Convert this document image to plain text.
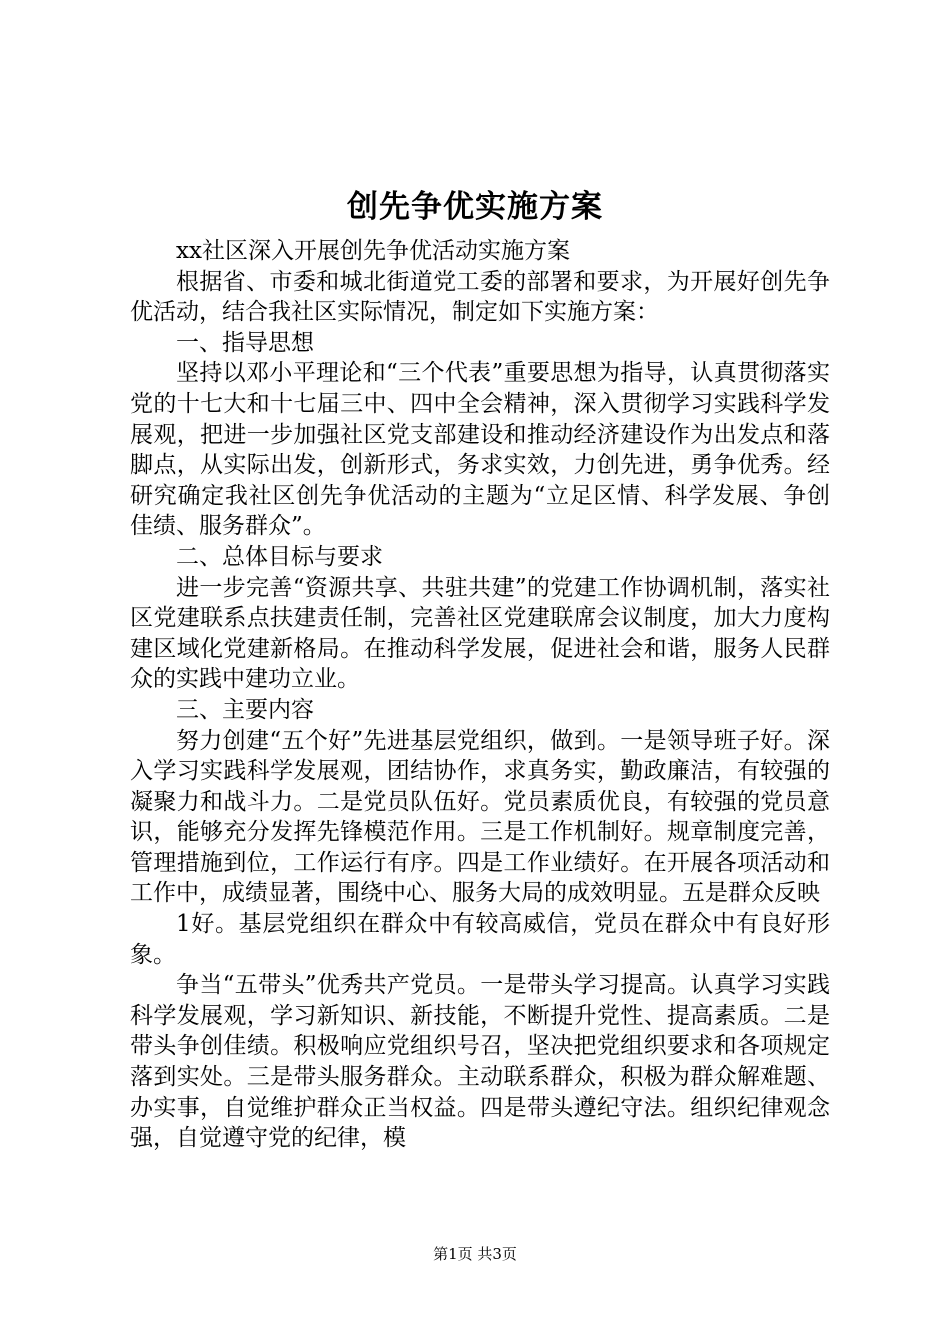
创先争优实施方案

xx社区深入开展创先争优活动实施方案

根据省、市委和城北街道党工委的部署和要求，为开展好创先争优活动，结合我社区实际情况，制定如下实施方案：

一、指导思想

坚持以邓小平理论和“三个代表”重要思想为指导，认真贯彻落实党的十七大和十七届三中、四中全会精神，深入贯彻学习实践科学发展观，把进一步加强社区党支部建设和推动经济建设作为出发点和落脚点，从实际出发，创新形式，务求实效，力创先进，勇争优秀。经研究确定我社区创先争优活动的主题为“立足区情、科学发展、争创佳绩、服务群众”。

二、总体目标与要求

进一步完善“资源共享、共驻共建”的党建工作协调机制，落实社区党建联系点扶建责任制，完善社区党建联席会议制度，加大力度构建区域化党建新格局。在推动科学发展，促进社会和谐，服务人民群众的实践中建功立业。

三、主要内容

努力创建“五个好”先进基层党组织，做到。一是领导班子好。深入学习实践科学发展观，团结协作，求真务实，勤政廉洁，有较强的凝聚力和战斗力。二是党员队伍好。党员素质优良，有较强的党员意识，能够充分发挥先锋模范作用。三是工作机制好。规章制度完善，管理措施到位，工作运行有序。四是工作业绩好。在开展各项活动和工作中，成绩显著，围绕中心、服务大局的成效明显。五是群众反映

1好。基层党组织在群众中有较高威信，党员在群众中有良好形象。

争当“五带头”优秀共产党员。一是带头学习提高。认真学习实践科学发展观，学习新知识、新技能，不断提升党性、提高素质。二是带头争创佳绩。积极响应党组织号召，坚决把党组织要求和各项规定落到实处。三是带头服务群众。主动联系群众，积极为群众解难题、办实事，自觉维护群众正当权益。四是带头遵纪守法。组织纪律观念强，自觉遵守党的纪律，模

第1页 共3页
